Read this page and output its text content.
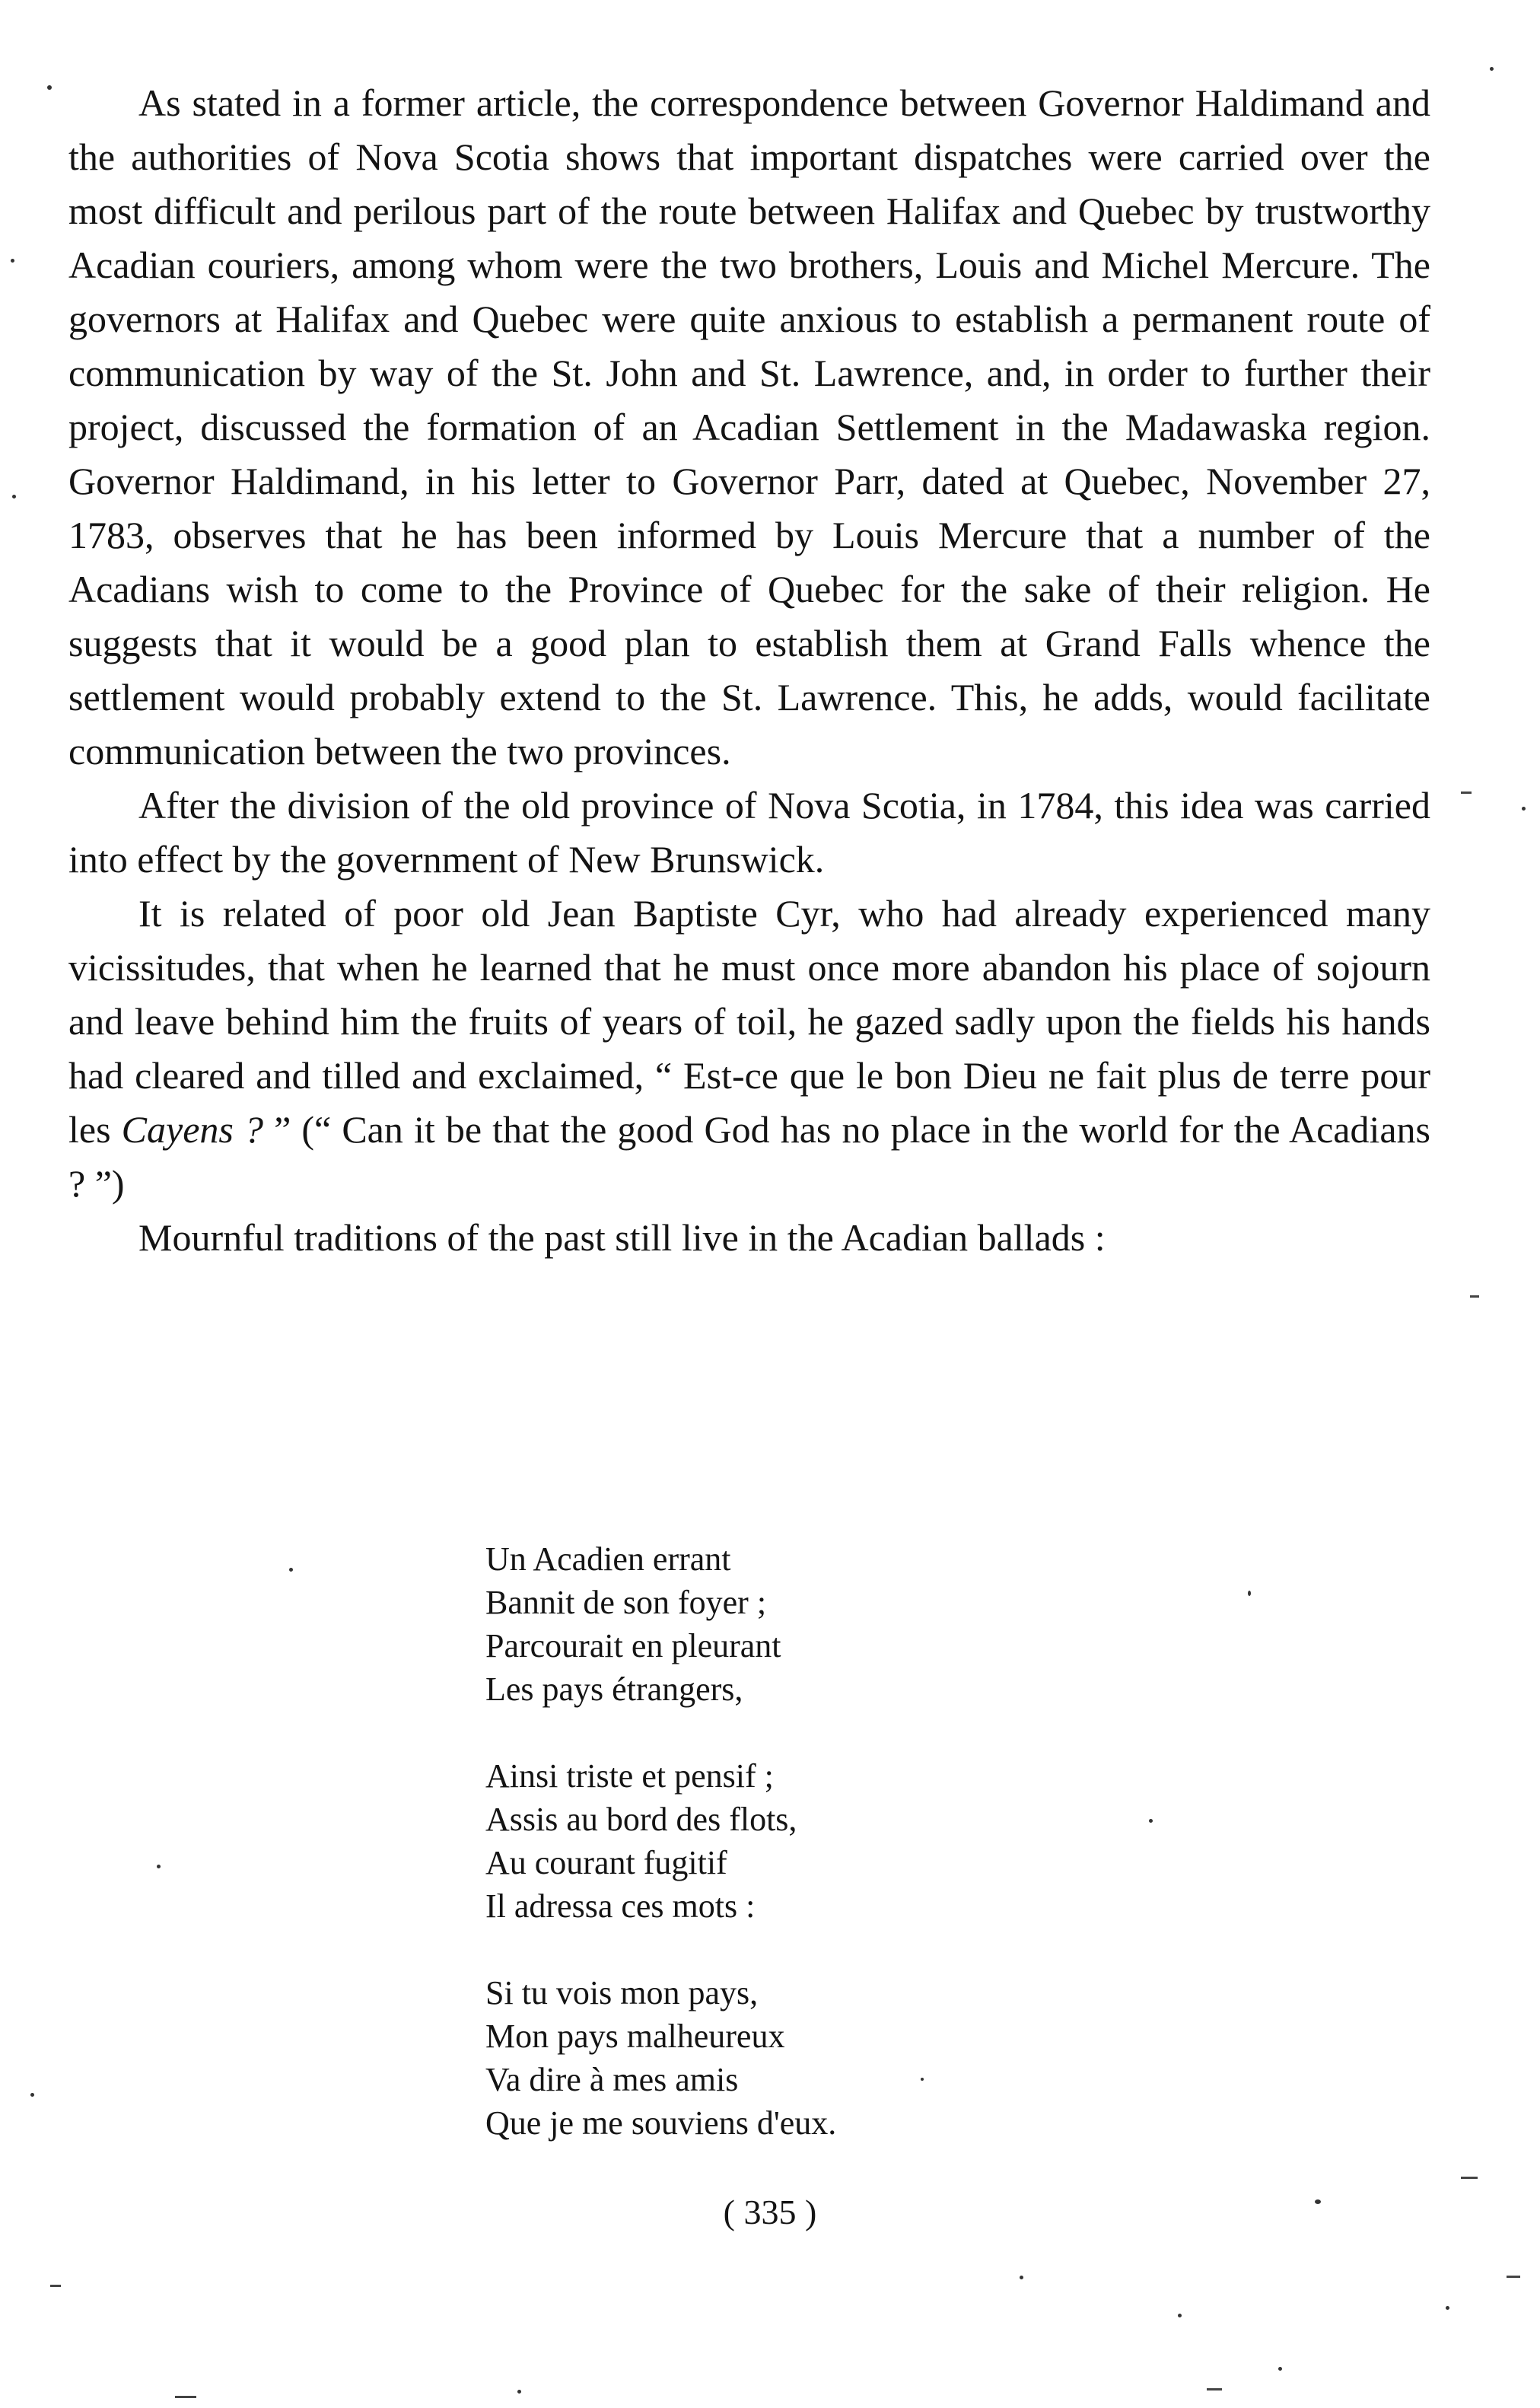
As stated in a former article, the correspondence between Governor Haldimand and the authorities of Nova Scotia shows that important dispatches were carried over the most difficult and perilous part of the route between Halifax and Quebec by trustworthy Acadian couriers, among whom were the two brothers, Louis and Michel Mercure. The governors at Halifax and Quebec were quite anxious to establish a permanent route of communication by way of the St. John and St. Lawrence, and, in order to further their project, discussed the formation of an Acadian Settlement in the Madawaska region. Governor Haldimand, in his letter to Governor Parr, dated at Quebec, November 27, 1783, observes that he has been informed by Louis Mercure that a number of the Acadians wish to come to the Province of Quebec for the sake of their religion. He suggests that it would be a good plan to establish them at Grand Falls whence the settlement would probably extend to the St. Lawrence. This, he adds, would facilitate communication between the two provinces.

After the division of the old province of Nova Scotia, in 1784, this idea was carried into effect by the government of New Brunswick.

It is related of poor old Jean Baptiste Cyr, who had already experienced many vicissitudes, that when he learned that he must once more abandon his place of sojourn and leave behind him the fruits of years of toil, he gazed sadly upon the fields his hands had cleared and tilled and exclaimed, “ Est-ce que le bon Dieu ne fait plus de terre pour les Cayens ? ” (“ Can it be that the good God has no place in the world for the Acadians ? ”)

Mournful traditions of the past still live in the Acadian ballads :

Un Acadien errant
Bannit de son foyer ;
Parcourait en pleurant
Les pays étrangers,
Ainsi triste et pensif ;
Assis au bord des flots,
Au courant fugitif
Il adressa ces mots :
Si tu vois mon pays,
Mon pays malheureux
Va dire à mes amis
Que je me souviens d'eux.
( 335 )
